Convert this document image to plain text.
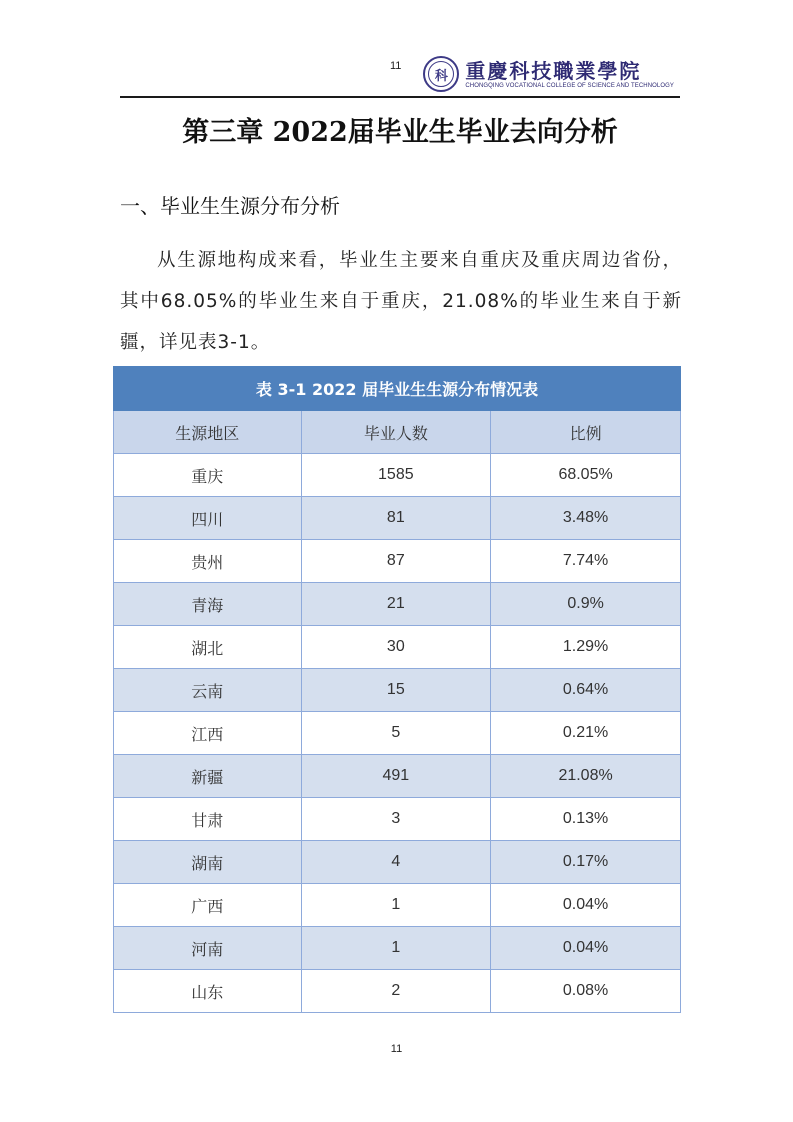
11
科 重慶科技職業學院
CHONGQING VOCATIONAL COLLEGE OF SCIENCE AND TECHNOLOGY
第三章 2022届毕业生毕业去向分析
一、毕业生生源分布分析

从生源地构成来看，毕业生主要来自重庆及重庆周边省份，其中68.05%的毕业生来自于重庆，21.08%的毕业生来自于新疆，详见表3-1。

表 3-1 2022 届毕业生生源分布情况表		
生源地区	毕业人数	比例
重庆	1585	68.05%
四川	81	3.48%
贵州	87	7.74%
青海	21	0.9%
湖北	30	1.29%
云南	15	0.64%
江西	5	0.21%
新疆	491	21.08%
甘肃	3	0.13%
湖南	4	0.17%
广西	1	0.04%
河南	1	0.04%
山东	2	0.08%
11
